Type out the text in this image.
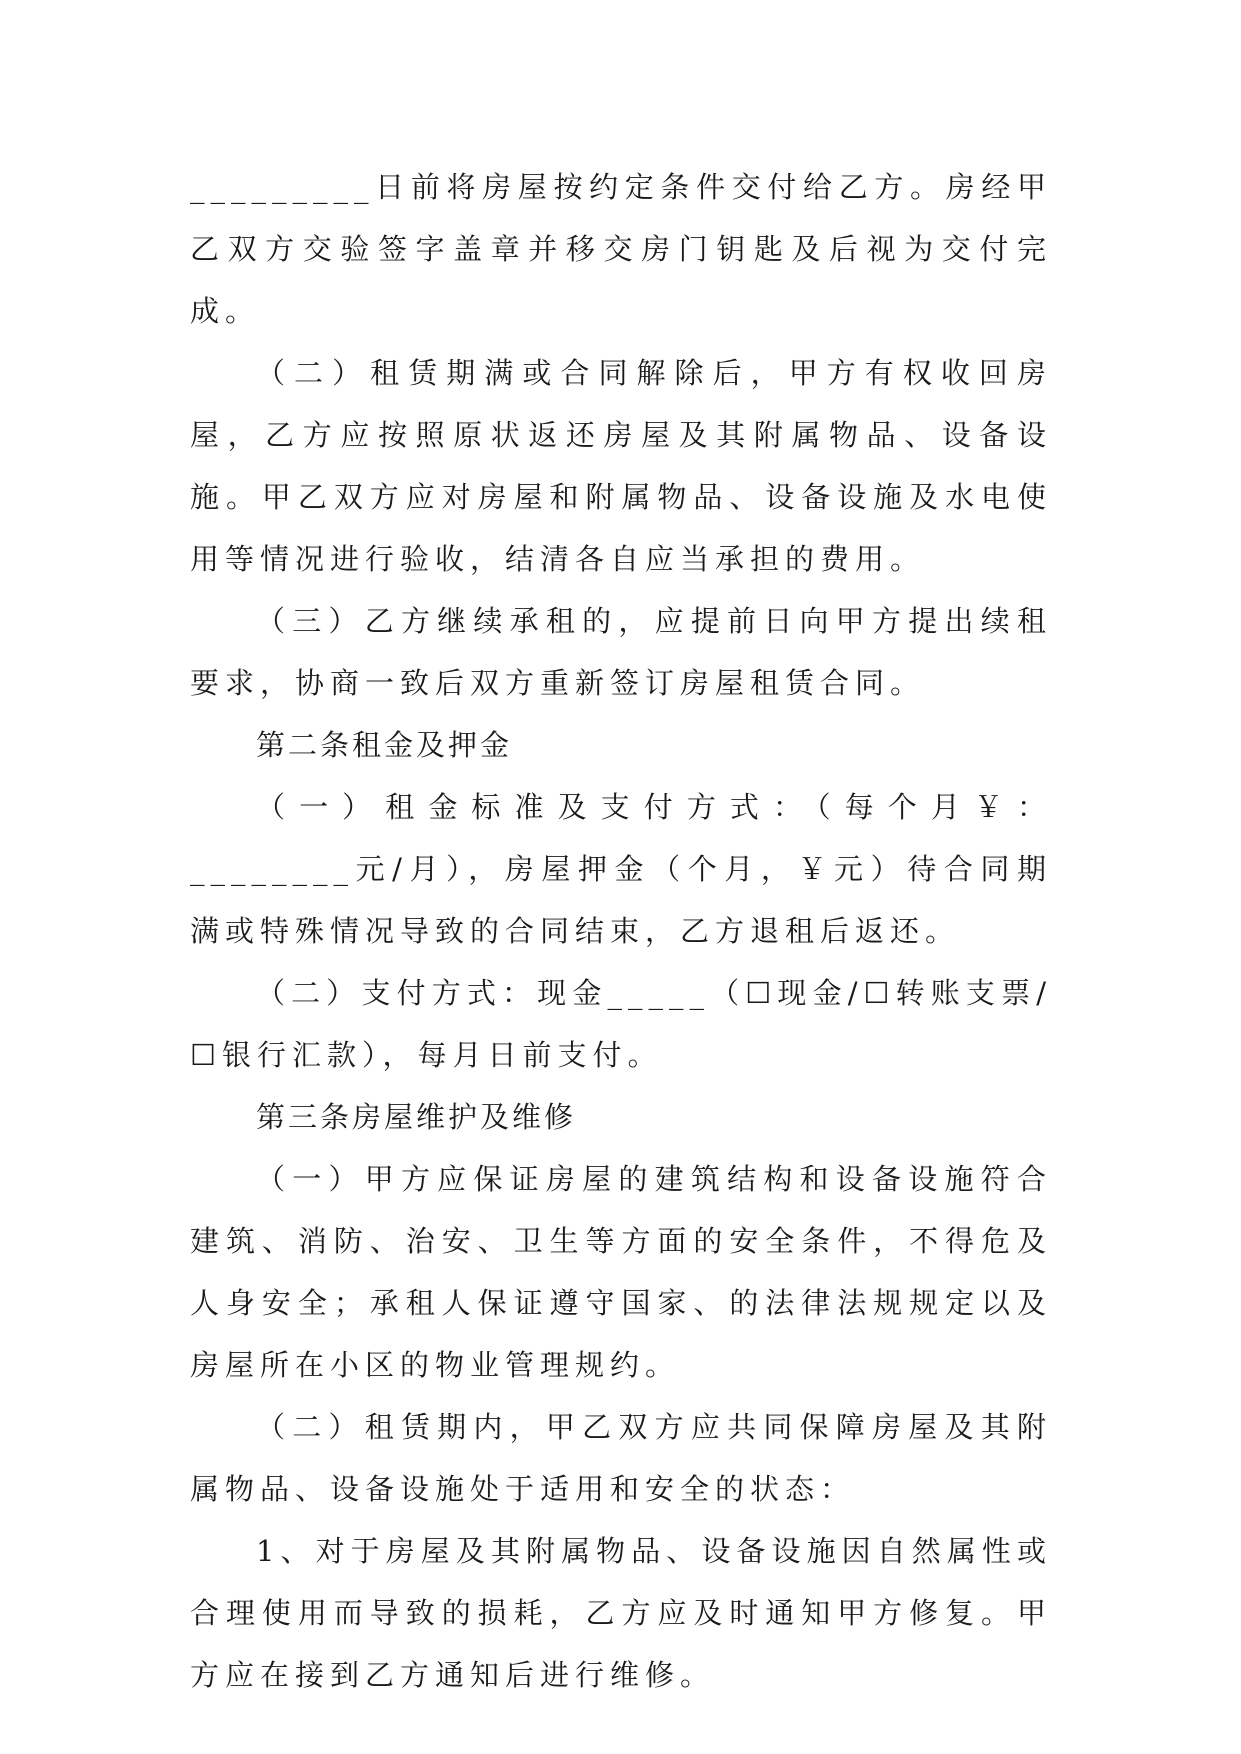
_________日前将房屋按约定条件交付给乙方。房经甲乙双方交验签字盖章并移交房门钥匙及后视为交付完成。

（二）租赁期满或合同解除后，甲方有权收回房屋，乙方应按照原状返还房屋及其附属物品、设备设施。甲乙双方应对房屋和附属物品、设备设施及水电使用等情况进行验收，结清各自应当承担的费用。

（三）乙方继续承租的，应提前日向甲方提出续租要求，协商一致后双方重新签订房屋租赁合同。

第二条租金及押金

（一）租金标准及支付方式：（每个月￥：________元/月），房屋押金（个月，￥元）待合同期满或特殊情况导致的合同结束，乙方退租后返还。

（二）支付方式：现金_____（☐现金/☐转账支票/☐银行汇款），每月日前支付。

第三条房屋维护及维修

（一）甲方应保证房屋的建筑结构和设备设施符合建筑、消防、治安、卫生等方面的安全条件，不得危及人身安全；承租人保证遵守国家、的法律法规规定以及房屋所在小区的物业管理规约。

（二）租赁期内，甲乙双方应共同保障房屋及其附属物品、设备设施处于适用和安全的状态：

1、对于房屋及其附属物品、设备设施因自然属性或合理使用而导致的损耗，乙方应及时通知甲方修复。甲方应在接到乙方通知后进行维修。
